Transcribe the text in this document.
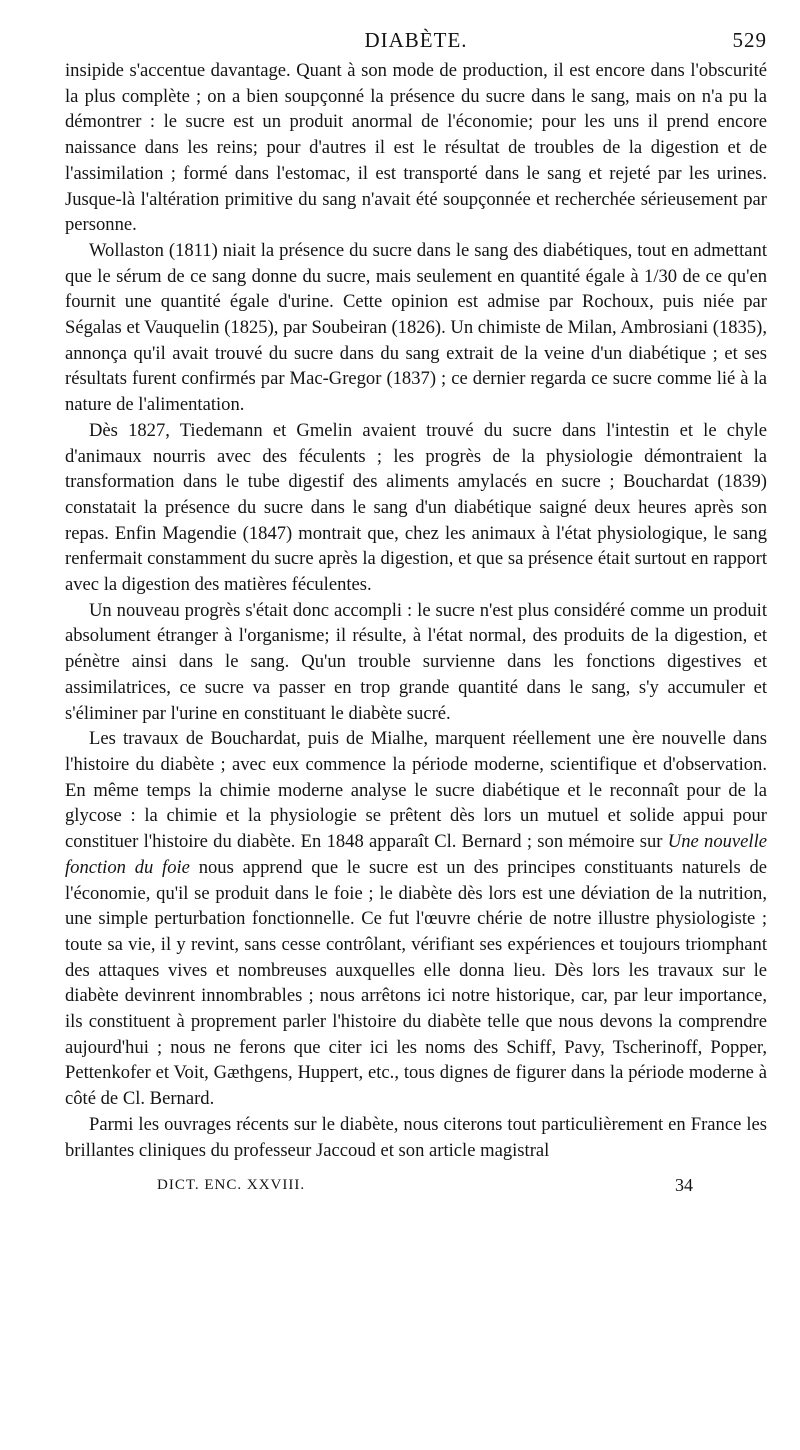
DIABÈTE.	529

insipide s'accentue davantage. Quant à son mode de production, il est encore dans l'obscurité la plus complète ; on a bien soupçonné la présence du sucre dans le sang, mais on n'a pu la démontrer : le sucre est un produit anormal de l'économie; pour les uns il prend encore naissance dans les reins; pour d'autres il est le résultat de troubles de la digestion et de l'assimilation ; formé dans l'estomac, il est transporté dans le sang et rejeté par les urines. Jusque-là l'altération primitive du sang n'avait été soupçonnée et recherchée sérieusement par personne.

Wollaston (1811) niait la présence du sucre dans le sang des diabétiques, tout en admettant que le sérum de ce sang donne du sucre, mais seulement en quantité égale à 1/30 de ce qu'en fournit une quantité égale d'urine. Cette opinion est admise par Rochoux, puis niée par Ségalas et Vauquelin (1825), par Soubeiran (1826). Un chimiste de Milan, Ambrosiani (1835), annonça qu'il avait trouvé du sucre dans du sang extrait de la veine d'un diabétique ; et ses résultats furent confirmés par Mac-Gregor (1837) ; ce dernier regarda ce sucre comme lié à la nature de l'alimentation.

Dès 1827, Tiedemann et Gmelin avaient trouvé du sucre dans l'intestin et le chyle d'animaux nourris avec des féculents ; les progrès de la physiologie démontraient la transformation dans le tube digestif des aliments amylacés en sucre ; Bouchardat (1839) constatait la présence du sucre dans le sang d'un diabétique saigné deux heures après son repas. Enfin Magendie (1847) montrait que, chez les animaux à l'état physiologique, le sang renfermait constamment du sucre après la digestion, et que sa présence était surtout en rapport avec la digestion des matières féculentes.

Un nouveau progrès s'était donc accompli : le sucre n'est plus considéré comme un produit absolument étranger à l'organisme; il résulte, à l'état normal, des produits de la digestion, et pénètre ainsi dans le sang. Qu'un trouble survienne dans les fonctions digestives et assimilatrices, ce sucre va passer en trop grande quantité dans le sang, s'y accumuler et s'éliminer par l'urine en constituant le diabète sucré.

Les travaux de Bouchardat, puis de Mialhe, marquent réellement une ère nouvelle dans l'histoire du diabète ; avec eux commence la période moderne, scientifique et d'observation. En même temps la chimie moderne analyse le sucre diabétique et le reconnaît pour de la glycose : la chimie et la physiologie se prêtent dès lors un mutuel et solide appui pour constituer l'histoire du diabète. En 1848 apparaît Cl. Bernard ; son mémoire sur Une nouvelle fonction du foie nous apprend que le sucre est un des principes constituants naturels de l'économie, qu'il se produit dans le foie ; le diabète dès lors est une déviation de la nutrition, une simple perturbation fonctionnelle. Ce fut l'œuvre chérie de notre illustre physiologiste ; toute sa vie, il y revint, sans cesse contrôlant, vérifiant ses expériences et toujours triomphant des attaques vives et nombreuses auxquelles elle donna lieu. Dès lors les travaux sur le diabète devinrent innombrables ; nous arrêtons ici notre historique, car, par leur importance, ils constituent à proprement parler l'histoire du diabète telle que nous devons la comprendre aujourd'hui ; nous ne ferons que citer ici les noms des Schiff, Pavy, Tscherinoff, Popper, Pettenkofer et Voit, Gæthgens, Huppert, etc., tous dignes de figurer dans la période moderne à côté de Cl. Bernard.

Parmi les ouvrages récents sur le diabète, nous citerons tout particulièrement en France les brillantes cliniques du professeur Jaccoud et son article magistral

DICT. ENC. XXVIII.	34
